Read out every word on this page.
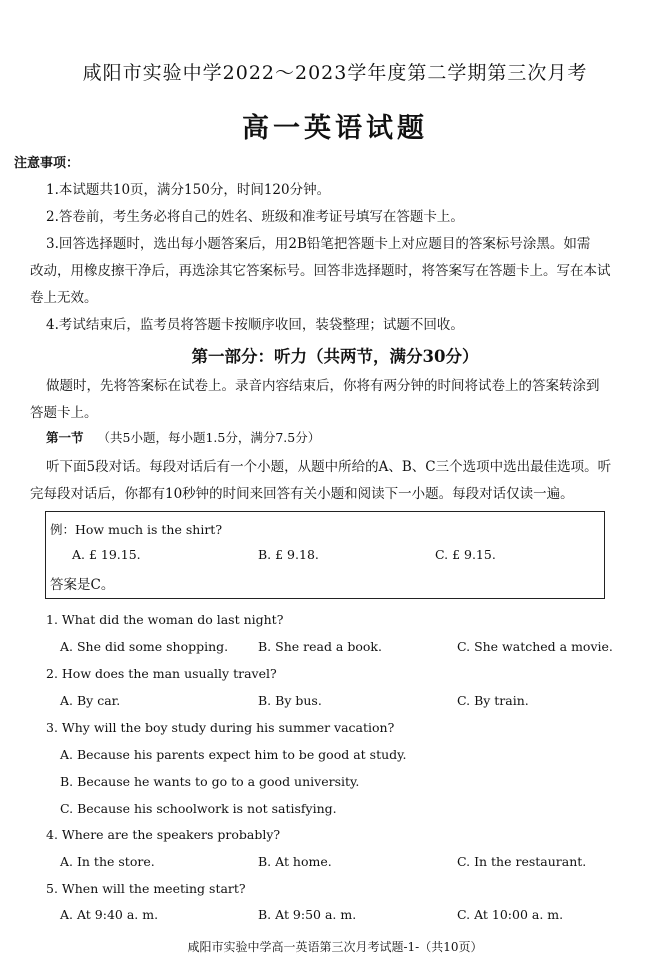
咸阳市实验中学2022～2023学年度第二学期第三次月考
高一英语试题
注意事项：
1.本试题共10页，满分150分，时间120分钟。
2.答卷前，考生务必将自己的姓名、班级和准考证号填写在答题卡上。
3.回答选择题时，选出每小题答案后，用2B铅笔把答题卡上对应题目的答案标号涂黑。如需
改动，用橡皮擦干净后，再选涂其它答案标号。回答非选择题时，将答案写在答题卡上。写在本试
卷上无效。
4.考试结束后，监考员将答题卡按顺序收回，装袋整理；试题不回收。
第一部分：听力（共两节，满分30分）
做题时，先将答案标在试卷上。录音内容结束后，你将有两分钟的时间将试卷上的答案转涂到
答题卡上。
第一节 （共5小题，每小题1.5分，满分7.5分）
听下面5段对话。每段对话后有一个小题，从题中所给的A、B、C三个选项中选出最佳选项。听
完每段对话后，你都有10秒钟的时间来回答有关小题和阅读下一小题。每段对话仅读一遍。
例：How much is the shirt?
A. £ 19.15.	B. £ 9.18.	C. £ 9.15.
答案是C。
1. What did the woman do last night?
A. She did some shopping. B. She read a book.	C. She watched a movie.
2. How does the man usually travel?
A. By car.	B. By bus.	C. By train.
3. Why will the boy study during his summer vacation?
A. Because his parents expect him to be good at study.
B. Because he wants to go to a good university.
C. Because his schoolwork is not satisfying.
4. Where are the speakers probably?
A. In the store.	B. At home.	C. In the restaurant.
5. When will the meeting start?
A. At 9:40 a. m.	B. At 9:50 a. m.	C. At 10:00 a. m.
咸阳市实验中学高一英语第三次月考试题-1-（共10页）
